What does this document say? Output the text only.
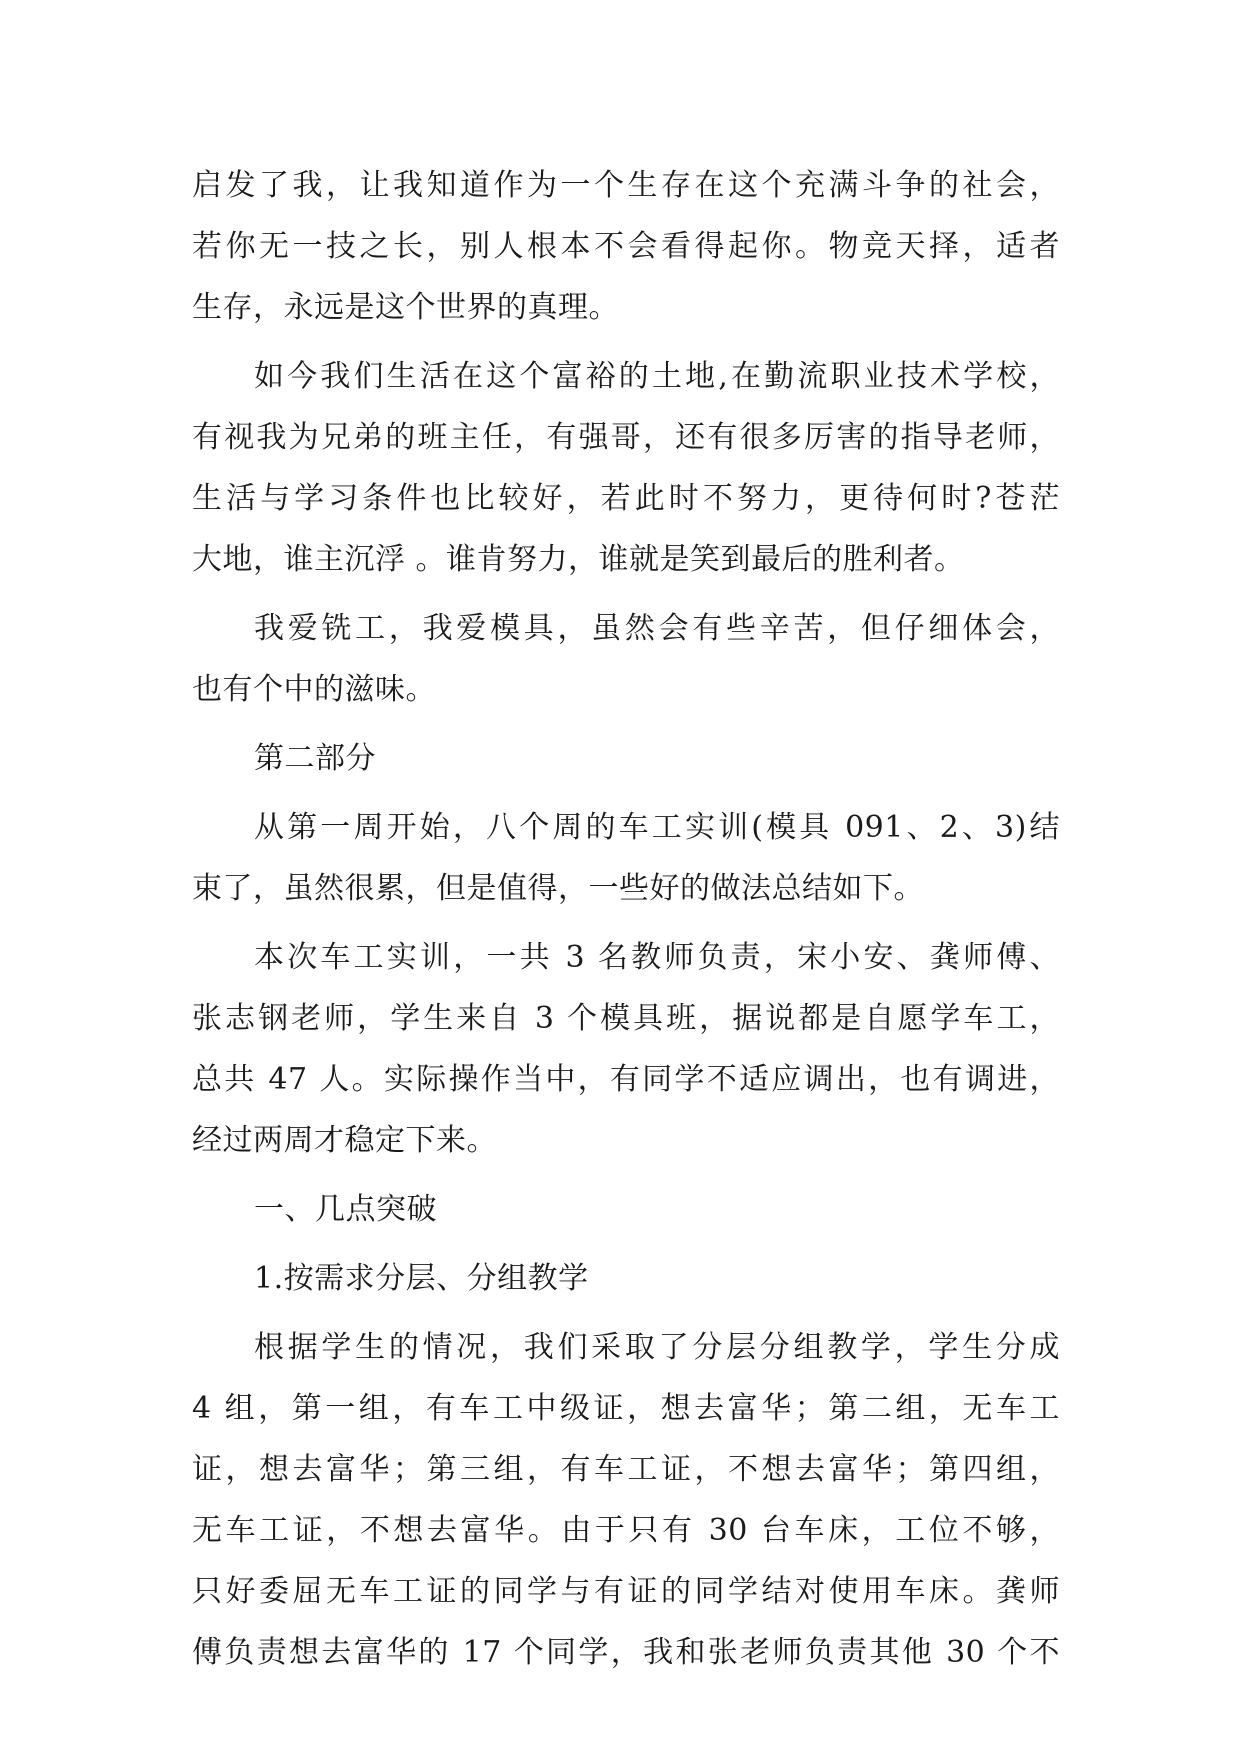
启发了我，让我知道作为一个生存在这个充满斗争的社会，
若你无一技之长，别人根本不会看得起你。物竞天择，适者
生存，永远是这个世界的真理。
如今我们生活在这个富裕的土地,在勤流职业技术学校，
有视我为兄弟的班主任，有强哥，还有很多厉害的指导老师，
生活与学习条件也比较好，若此时不努力，更待何时?苍茫
大地，谁主沉浮 。谁肯努力，谁就是笑到最后的胜利者。
我爱铣工，我爱模具，虽然会有些辛苦，但仔细体会，
也有个中的滋味。
第二部分
从第一周开始，八个周的车工实训(模具 091、2、3)结
束了，虽然很累，但是值得，一些好的做法总结如下。
本次车工实训，一共 3 名教师负责，宋小安、龚师傅、
张志钢老师，学生来自 3 个模具班，据说都是自愿学车工，
总共 47 人。实际操作当中，有同学不适应调出，也有调进，
经过两周才稳定下来。
一、几点突破
1.按需求分层、分组教学
根据学生的情况，我们采取了分层分组教学，学生分成
4 组，第一组，有车工中级证，想去富华；第二组，无车工
证，想去富华；第三组，有车工证，不想去富华；第四组，
无车工证，不想去富华。由于只有 30 台车床，工位不够，
只好委屈无车工证的同学与有证的同学结对使用车床。龚师
傅负责想去富华的 17 个同学，我和张老师负责其他 30 个不
